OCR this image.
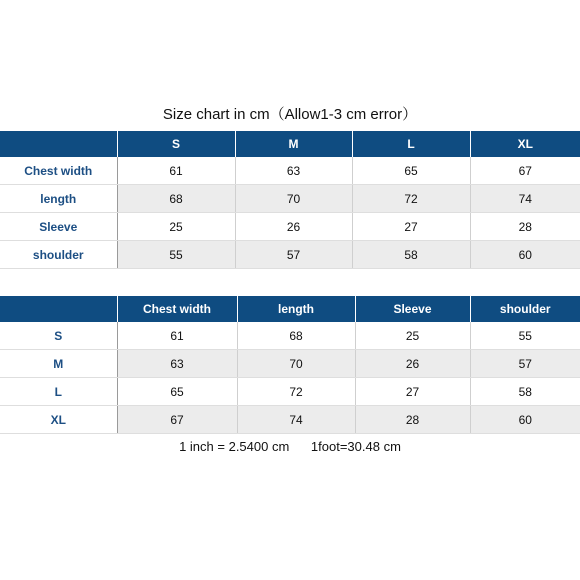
Size chart in cm（Allow1-3 cm error）
	S	M	L	XL
Chest width	61	63	65	67
length	68	70	72	74
Sleeve	25	26	27	28
shoulder	55	57	58	60
	Chest width	length	Sleeve	shoulder
S	61	68	25	55
M	63	70	26	57
L	65	72	27	58
XL	67	74	28	60
1 inch = 2.5400 cm 1foot=30.48 cm
